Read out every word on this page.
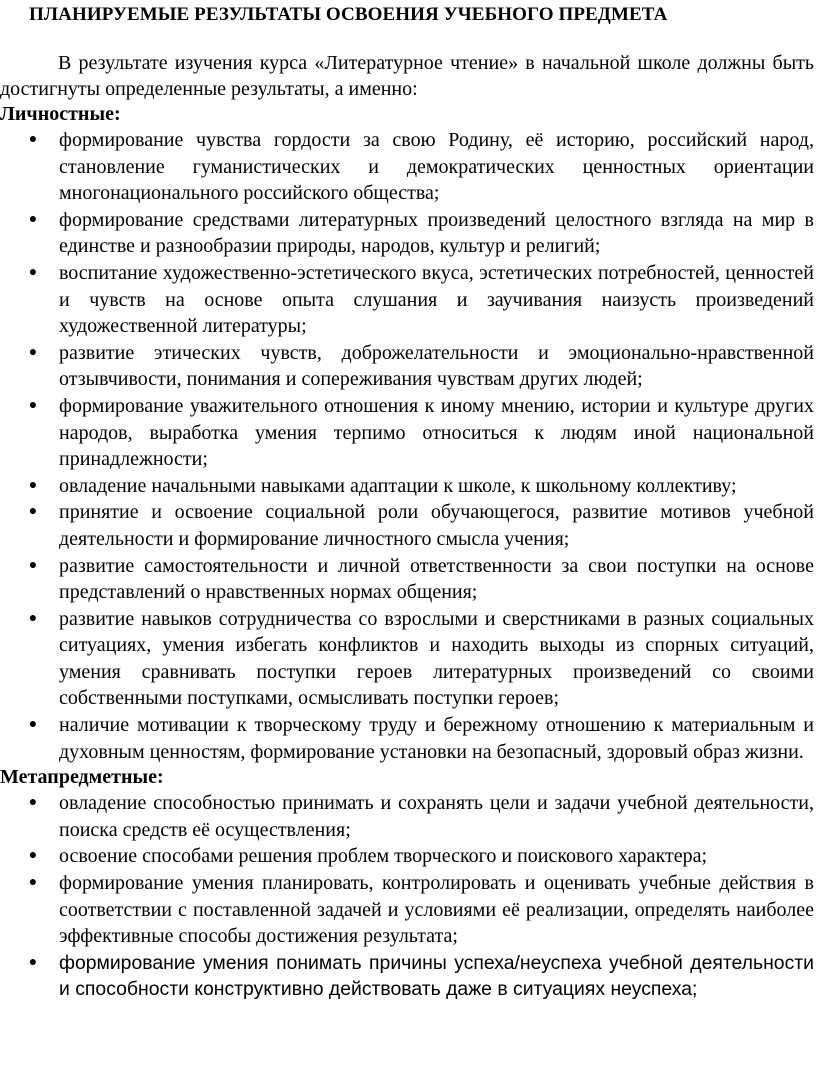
ПЛАНИРУЕМЫЕ РЕЗУЛЬТАТЫ ОСВОЕНИЯ УЧЕБНОГО ПРЕДМЕТА

В результате изучения курса «Литературное чтение» в начальной школе должны быть достигнуты определенные результаты, а именно:

Личностные:
● формирование чувства гордости за свою Родину, её историю, российский народ, становление гуманистических и демократических ценностных ориентации многонационального российского общества;
● формирование средствами литературных произведений целостного взгляда на мир в единстве и разнообразии природы, народов, культур и религий;
● воспитание художественно-эстетического вкуса, эстетических потребностей, ценностей и чувств на основе опыта слушания и заучивания наизусть произведений художественной литературы;
● развитие этических чувств, доброжелательности и эмоционально-нравственной отзывчивости, понимания и сопереживания чувствам других людей;
● формирование уважительного отношения к иному мнению, истории и культуре других народов, выработка умения терпимо относиться к людям иной национальной принадлежности;
● овладение начальными навыками адаптации к школе, к школьному коллективу;
● принятие и освоение социальной роли обучающегося, развитие мотивов учебной деятельности и формирование личностного смысла учения;
● развитие самостоятельности и личной ответственности за свои поступки на основе представлений о нравственных нормах общения;
● развитие навыков сотрудничества со взрослыми и сверстниками в разных социальных ситуациях, умения избегать конфликтов и находить выходы из спорных ситуаций, умения сравнивать поступки героев литературных произведений со своими собственными поступками, осмысливать поступки героев;
● наличие мотивации к творческому труду и бережному отношению к материальным и духовным ценностям, формирование установки на безопасный, здоровый образ жизни.
Метапредметные:
● овладение способностью принимать и сохранять цели и задачи учебной деятельности, поиска средств её осуществления;
● освоение способами решения проблем творческого и поискового характера;
● формирование умения планировать, контролировать и оценивать учебные действия в соответствии с поставленной задачей и условиями её реализации, определять наиболее эффективные способы достижения результата;
● формирование умения понимать причины успеха/неуспеха учебной деятельности и способности конструктивно действовать даже в ситуациях неуспеха;
